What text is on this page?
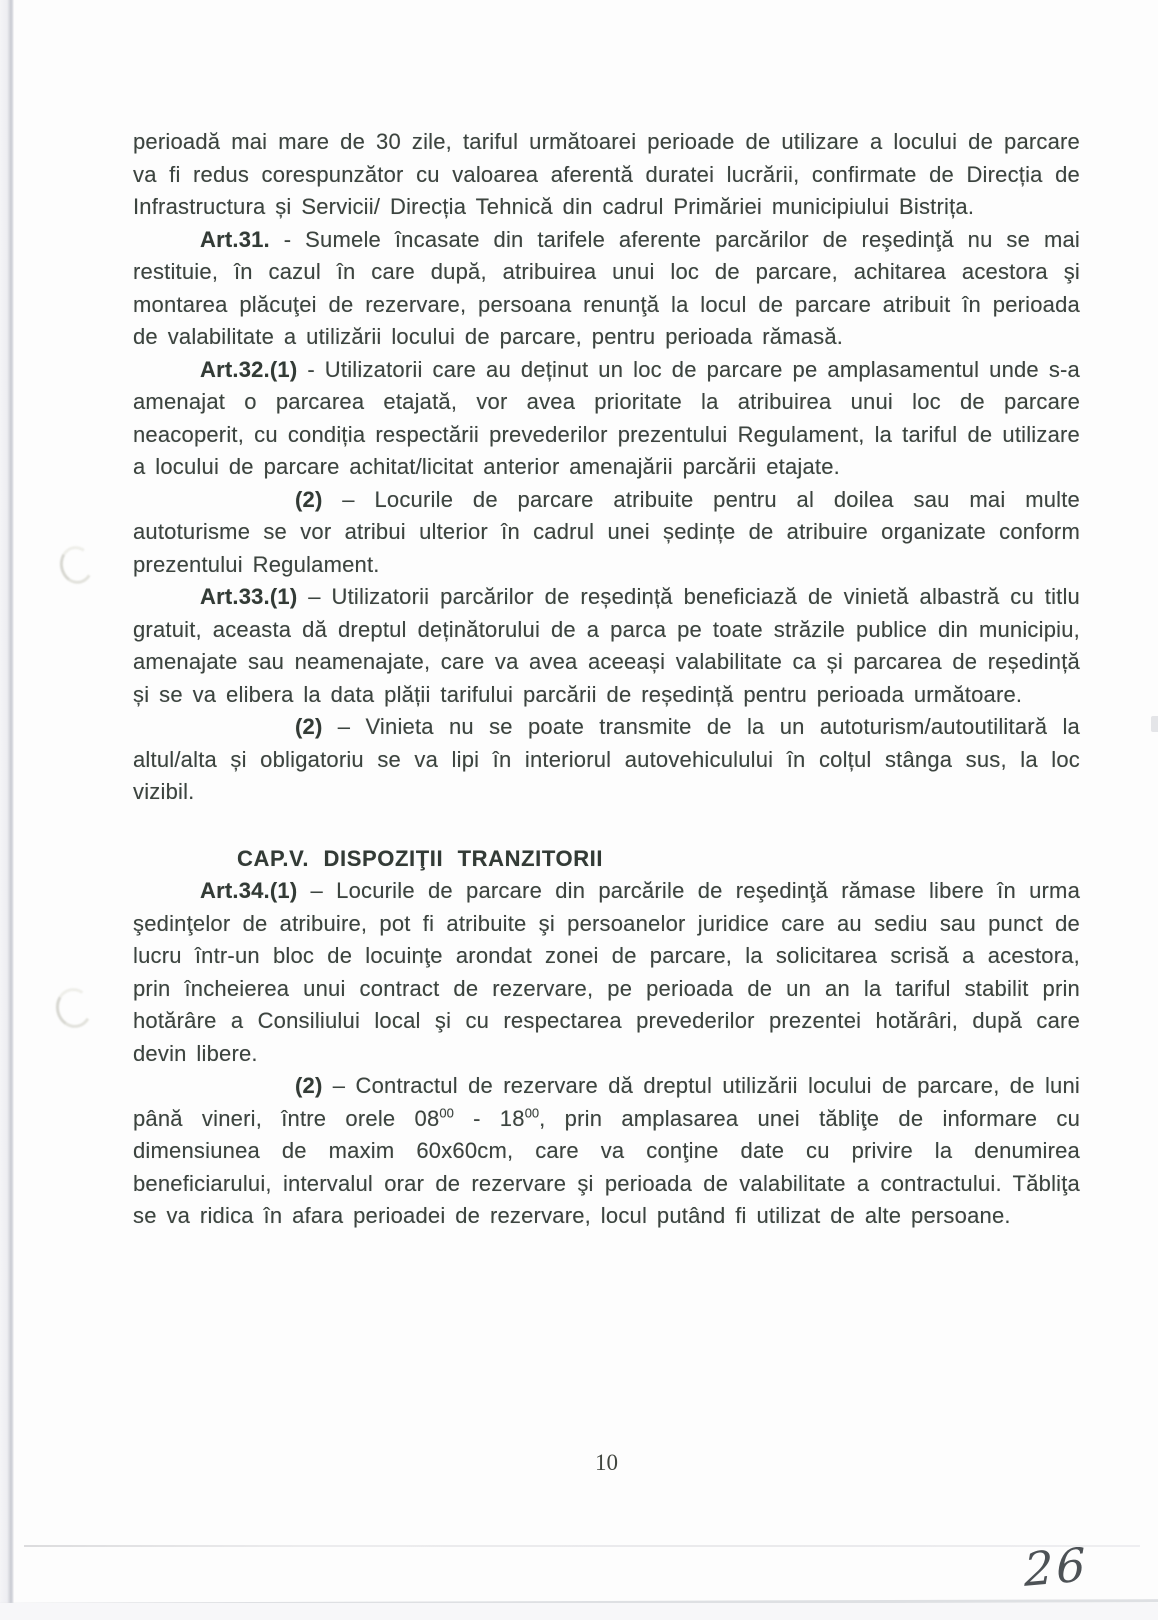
perioadă mai mare de 30 zile, tariful următoarei perioade de utilizare a locului de parcare va fi redus corespunzător cu valoarea aferentă duratei lucrării, confirmate de Direcția de Infrastructura și Servicii/ Direcția Tehnică din cadrul Primăriei municipiului Bistrița.

Art.31. - Sumele încasate din tarifele aferente parcărilor de reşedinţă nu se mai restituie, în cazul în care după, atribuirea unui loc de parcare, achitarea acestora şi montarea plăcuţei de rezervare, persoana renunţă la locul de parcare atribuit în perioada de valabilitate a utilizării locului de parcare, pentru perioada rămasă.

Art.32.(1) - Utilizatorii care au deținut un loc de parcare pe amplasamentul unde s-a amenajat o parcarea etajată, vor avea prioritate la atribuirea unui loc de parcare neacoperit, cu condiția respectării prevederilor prezentului Regulament, la tariful de utilizare a locului de parcare achitat/licitat anterior amenajării parcării etajate.

(2) – Locurile de parcare atribuite pentru al doilea sau mai multe autoturisme se vor atribui ulterior în cadrul unei ședințe de atribuire organizate conform prezentului Regulament.

Art.33.(1) – Utilizatorii parcărilor de reședință beneficiază de vinietă albastră cu titlu gratuit, aceasta dă dreptul deținătorului de a parca pe toate străzile publice din municipiu, amenajate sau neamenajate, care va avea aceeași valabilitate ca și parcarea de reședință și se va elibera la data plății tarifului parcării de reședință pentru perioada următoare.

(2) – Vinieta nu se poate transmite de la un autoturism/autoutilitară la altul/alta și obligatoriu se va lipi în interiorul autovehiculului în colțul stânga sus, la loc vizibil.

CAP.V. DISPOZIŢII TRANZITORII

Art.34.(1) – Locurile de parcare din parcările de reşedinţă rămase libere în urma şedinţelor de atribuire, pot fi atribuite şi persoanelor juridice care au sediu sau punct de lucru într-un bloc de locuinţe arondat zonei de parcare, la solicitarea scrisă a acestora, prin încheierea unui contract de rezervare, pe perioada de un an la tariful stabilit prin hotărâre a Consiliului local şi cu respectarea prevederilor prezentei hotărâri, după care devin libere.

(2) – Contractul de rezervare dă dreptul utilizării locului de parcare, de luni până vineri, între orele $08^{00} - 18^{00}$, prin amplasarea unei tăbliţe de informare cu dimensiunea de maxim 60x60cm, care va conţine date cu privire la denumirea beneficiarului, intervalul orar de rezervare şi perioada de valabilitate a contractului. Tăbliţa se va ridica în afara perioadei de rezervare, locul putând fi utilizat de alte persoane.

10
26
